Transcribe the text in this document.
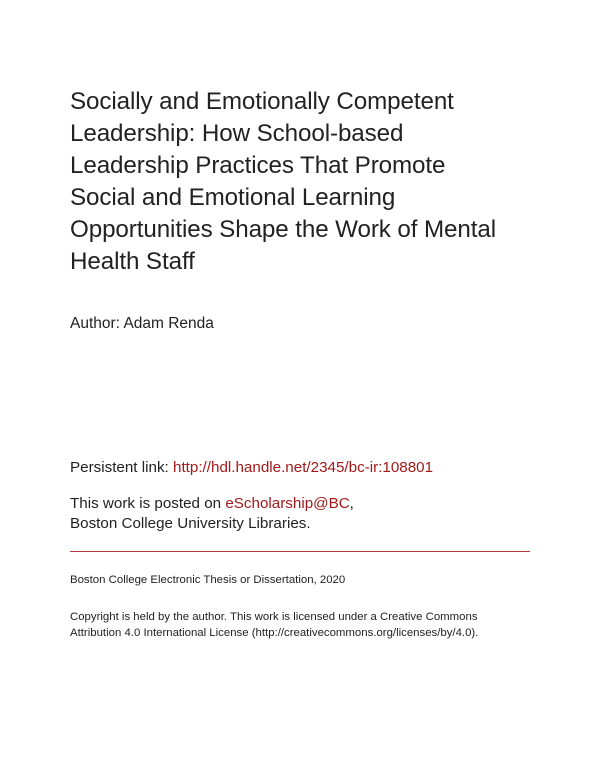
Socially and Emotionally Competent
Leadership: How School-based
Leadership Practices That Promote
Social and Emotional Learning
Opportunities Shape the Work of Mental
Health Staff
Author: Adam Renda
Persistent link: http://hdl.handle.net/2345/bc-ir:108801
This work is posted on eScholarship@BC,
Boston College University Libraries.
Boston College Electronic Thesis or Dissertation, 2020
Copyright is held by the author. This work is licensed under a Creative Commons
Attribution 4.0 International License (http://creativecommons.org/licenses/by/4.0).
